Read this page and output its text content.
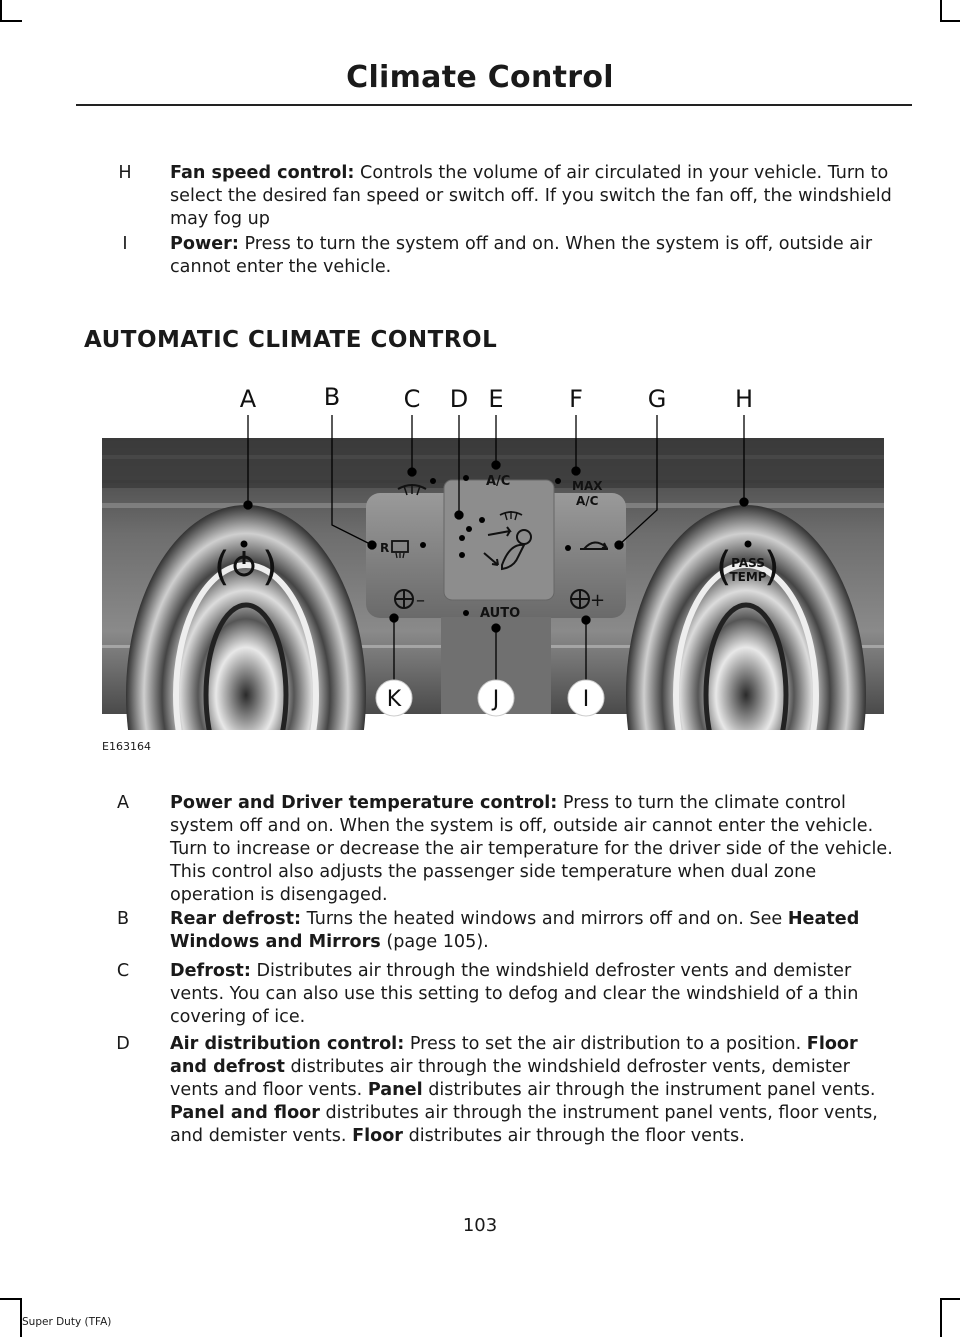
Climate Control
H	Fan speed control: Controls the volume of air circulated in your vehicle. Turn to select the desired fan speed or switch off. If you switch the fan off, the windshield may fog up
I	Power: Press to turn the system off and on. When the system is off, outside air cannot enter the vehicle.
AUTOMATIC CLIMATE CONTROL
( )	( )
PASS
TEMP
A/C	MAX
A/C
R
–	+
AUTO
A	B	C D E	F	G	H
K	J	I
E163164
A	Power and Driver temperature control: Press to turn the climate control system off and on. When the system is off, outside air cannot enter the vehicle. Turn to increase or decrease the air temperature for the driver side of the vehicle. This control also adjusts the passenger side temperature when dual zone operation is disengaged.
B	Rear defrost: Turns the heated windows and mirrors off and on. See Heated Windows and Mirrors (page 105).
C	Defrost: Distributes air through the windshield defroster vents and demister vents. You can also use this setting to defog and clear the windshield of a thin covering of ice.
D	Air distribution control: Press to set the air distribution to a position. Floor and defrost distributes air through the windshield defroster vents, demister vents and floor vents. Panel distributes air through the instrument panel vents. Panel and floor distributes air through the instrument panel vents, floor vents, and demister vents. Floor distributes air through the floor vents.
103
Super Duty (TFA)
